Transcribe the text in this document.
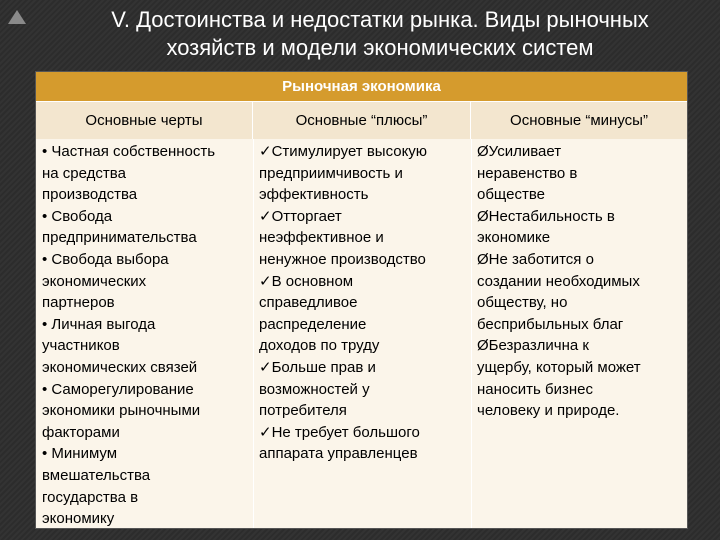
V. Достоинства и недостатки рынка. Виды рыночных
хозяйств и модели экономических систем
Рыночная экономика
Основные черты	Основные “плюсы”	Основные “минусы”
• Частная собственность
на средства
производства
• Свобода
предпринимательства
• Свобода выбора
экономических
партнеров
• Личная выгода
участников
экономических связей
• Саморегулирование
экономики рыночными
факторами
• Минимум
вмешательства
государства в
экономику
✓Стимулирует высокую
предприимчивость и
эффективность
✓Отторгает
неэффективное и
ненужное производство
✓В основном
справедливое
распределение
доходов по труду
✓Больше прав и
возможностей у
потребителя
✓Не требует большого
аппарата управленцев
ØУсиливает
неравенство в
обществе
ØНестабильность в
экономике
ØНе заботится о
создании необходимых
обществу, но
бесприбыльных благ
ØБезразлична к
ущербу, который может
наносить бизнес
человеку и природе.
